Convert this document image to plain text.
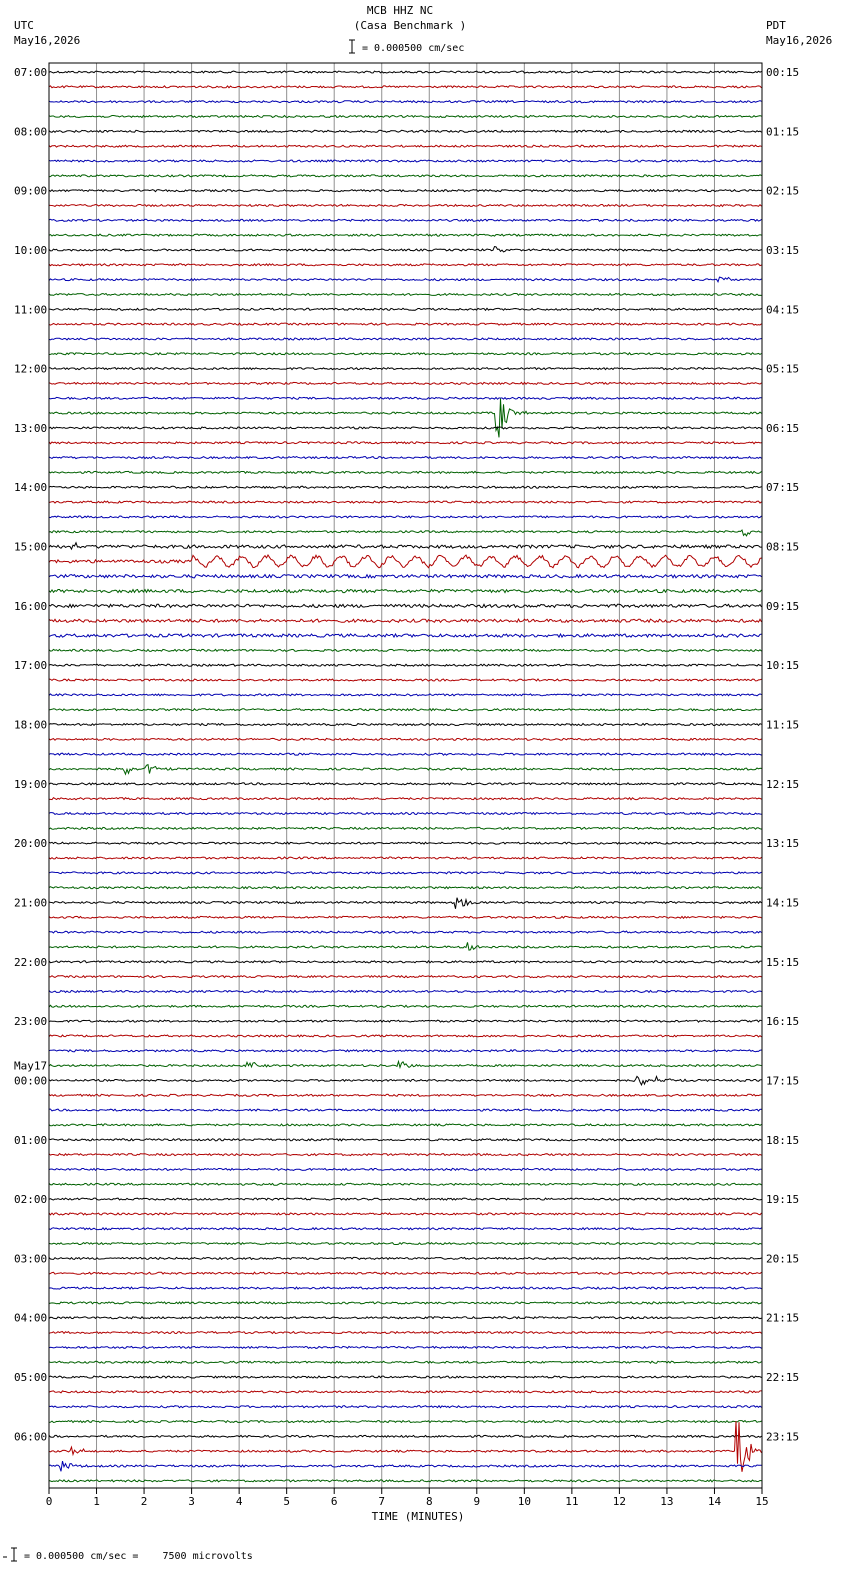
0	1	2	3	4	5	6	7	8	9	10	11	12	13	14	15
07:00
08:00
09:00
10:00
11:00
12:00
13:00
14:00
15:00
16:00
17:00
18:00
19:00
20:00
21:00
22:00
23:00
00:00
May17
01:00
02:00
03:00
04:00
05:00
06:00
00:15
01:15
02:15
03:15
04:15
05:15
06:15
07:15
08:15
09:15
10:15
11:15
12:15
13:15
14:15
15:15
16:15
17:15
18:15
19:15
20:15
21:15
22:15
23:15
TIME (MINUTES)
MCB HHZ NC
(Casa Benchmark )
= 0.000500 cm/sec
UTC
May16,2026
PDT
May16,2026
= 0.000500 cm/sec =    7500 microvolts
